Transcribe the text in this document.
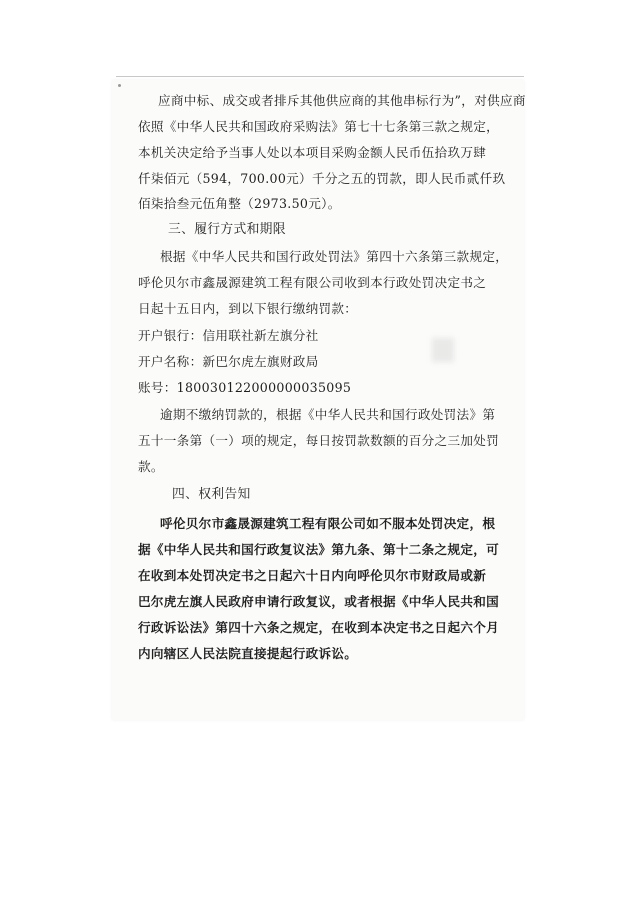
应商中标、成交或者排斥其他供应商的其他串标行为”，对供应商
依照《中华人民共和国政府采购法》第七十七条第三款之规定，
本机关决定给予当事人处以本项目采购金额人民币伍拾玖万肆
仟柒佰元（594，700.00元）千分之五的罚款，即人民币贰仟玖
佰柒拾叁元伍角整（2973.50元）。
三、履行方式和期限
根据《中华人民共和国行政处罚法》第四十六条第三款规定，
呼伦贝尔市鑫晟源建筑工程有限公司收到本行政处罚决定书之
日起十五日内，到以下银行缴纳罚款：
开户银行：信用联社新左旗分社
开户名称：新巴尔虎左旗财政局
账号：180030122000000035095
逾期不缴纳罚款的，根据《中华人民共和国行政处罚法》第
五十一条第（一）项的规定，每日按罚款数额的百分之三加处罚
款。
四、权利告知
呼伦贝尔市鑫晟源建筑工程有限公司如不服本处罚决定，根
据《中华人民共和国行政复议法》第九条、第十二条之规定，可
在收到本处罚决定书之日起六十日内向呼伦贝尔市财政局或新
巴尔虎左旗人民政府申请行政复议，或者根据《中华人民共和国
行政诉讼法》第四十六条之规定，在收到本决定书之日起六个月
内向辖区人民法院直接提起行政诉讼。
